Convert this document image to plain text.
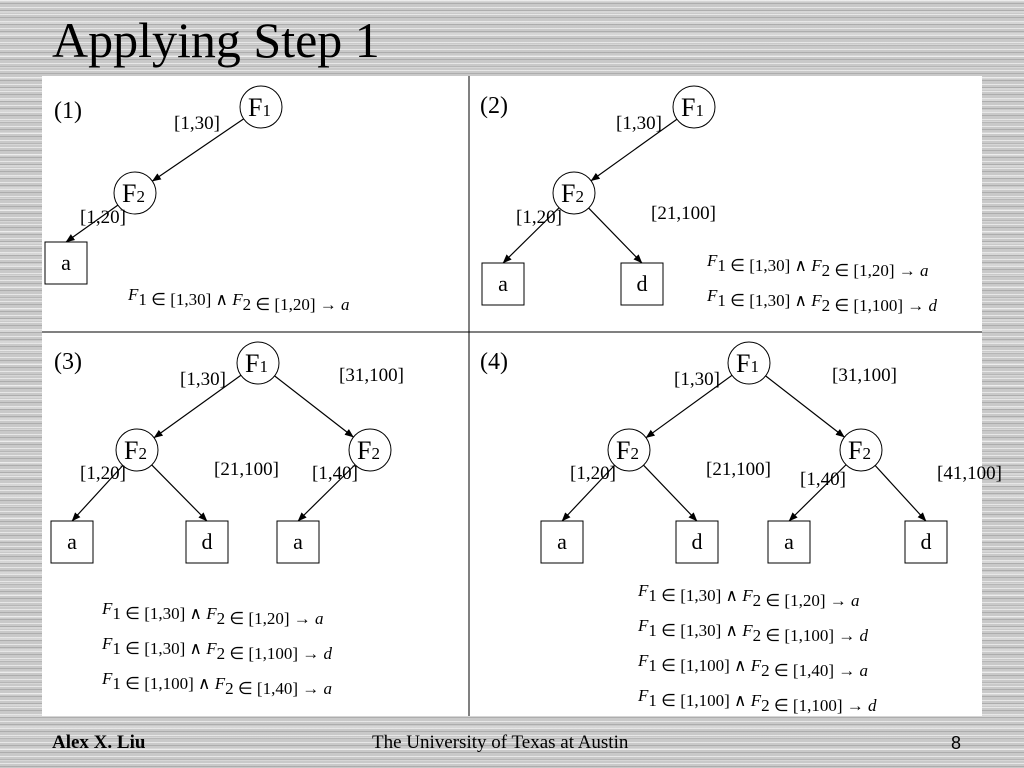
Applying Step 1
(1)	[1,30]
[1,20]
F1
F2
a
F1 ∈ [1,30] ∧ F2 ∈ [1,20] → a
(2)
[1,30]
[1,20]	[21,100]
F1
F2
a	d
F1 ∈ [1,30] ∧ F2 ∈ [1,20] → a
F1 ∈ [1,30] ∧ F2 ∈ [1,100] → d
(3)
[1,30]	[31,100]
[1,20]	[21,100] [1,40]
F1
F2	F2
a	d	a
F1 ∈ [1,30] ∧ F2 ∈ [1,20] → a
F1 ∈ [1,30] ∧ F2 ∈ [1,100] → d
F1 ∈ [1,100] ∧ F2 ∈ [1,40] → a
(4)
[1,30]	[31,100]
[1,20]	[21,100] [1,40]	[41,100]
F1
F2	F2
a	d	a	d
F1 ∈ [1,30] ∧ F2 ∈ [1,20] → a
F1 ∈ [1,30] ∧ F2 ∈ [1,100] → d
F1 ∈ [1,100] ∧ F2 ∈ [1,40] → a
F1 ∈ [1,100] ∧ F2 ∈ [1,100] → d
Alex X. Liu	The University of Texas at Austin	8
